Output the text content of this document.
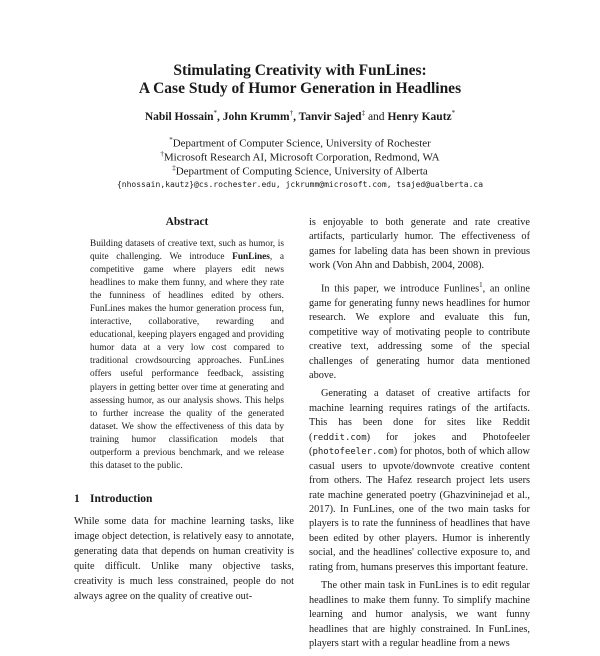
Stimulating Creativity with FunLines:
A Case Study of Humor Generation in Headlines
Nabil Hossain*, John Krumm†, Tanvir Sajed‡ and Henry Kautz*
*Department of Computer Science, University of Rochester
†Microsoft Research AI, Microsoft Corporation, Redmond, WA
‡Department of Computing Science, University of Alberta
{nhossain,kautz}@cs.rochester.edu, jckrumm@microsoft.com, tsajed@ualberta.ca
Abstract

Building datasets of creative text, such as humor, is quite challenging. We introduce FunLines, a competitive game where players edit news headlines to make them funny, and where they rate the funniness of headlines edited by others. FunLines makes the humor generation process fun, interactive, collaborative, rewarding and educational, keeping players engaged and providing humor data at a very low cost compared to traditional crowdsourcing approaches. FunLines offers useful performance feedback, assisting players in getting better over time at generating and assessing humor, as our analysis shows. This helps to further increase the quality of the generated dataset. We show the effectiveness of this data by training humor classification models that outperform a previous benchmark, and we release this dataset to the public.

1 Introduction

While some data for machine learning tasks, like image object detection, is relatively easy to annotate, generating data that depends on human creativity is quite difficult. Unlike many objective tasks, creativity is much less constrained, people do not always agree on the quality of creative out-

is enjoyable to both generate and rate creative artifacts, particularly humor. The effectiveness of games for labeling data has been shown in previous work (Von Ahn and Dabbish, 2004, 2008).

In this paper, we introduce Funlines$^1$, an online game for generating funny news headlines for humor research. We explore and evaluate this fun, competitive way of motivating people to contribute creative text, addressing some of the special challenges of generating humor data mentioned above.

Generating a dataset of creative artifacts for machine learning requires ratings of the artifacts. This has been done for sites like Reddit (reddit.com) for jokes and Photofeeler (photofeeler.com) for photos, both of which allow casual users to upvote/downvote creative content from others. The Hafez research project lets users rate machine generated poetry (Ghazvininejad et al., 2017). In FunLines, one of the two main tasks for players is to rate the funniness of headlines that have been edited by other players. Humor is inherently social, and the headlines' collective exposure to, and rating from, humans preserves this important feature.

The other main task in FunLines is to edit regular headlines to make them funny. To simplify machine learning and humor analysis, we want funny headlines that are highly constrained. In FunLines, players start with a regular headline from a news
